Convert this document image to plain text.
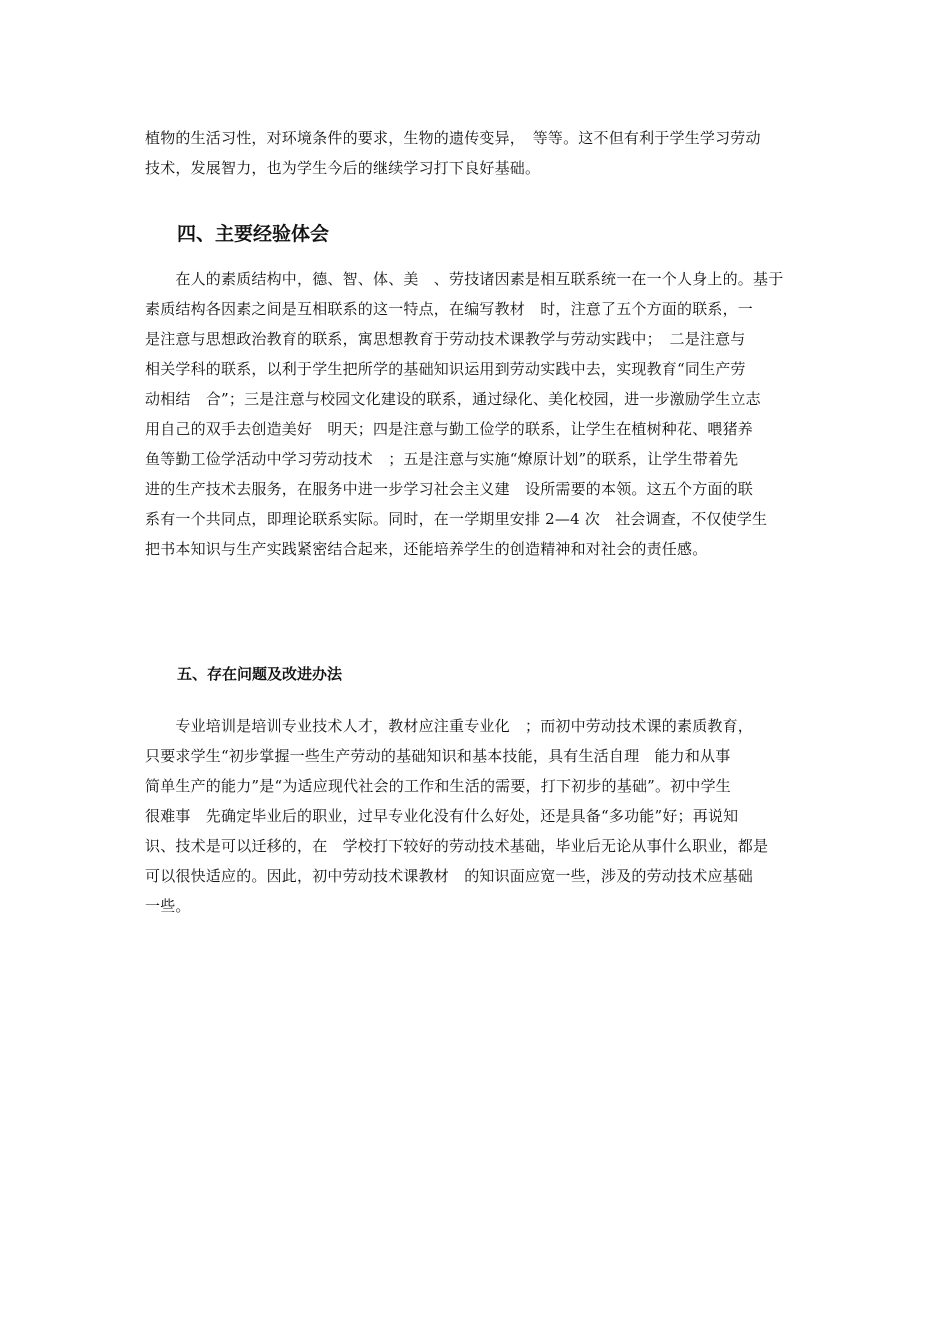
植物的生活习性，对环境条件的要求，生物的遗传变异，　等等。这不但有利于学生学习劳动
技术，发展智力，也为学生今后的继续学习打下良好基础。
四、主要经验体会
　　在人的素质结构中，德、智、体、美　、劳技诸因素是相互联系统一在一个人身上的。基于
素质结构各因素之间是互相联系的这一特点，在编写教材　时，注意了五个方面的联系，一
是注意与思想政治教育的联系，寓思想教育于劳动技术课教学与劳动实践中；　二是注意与
相关学科的联系，以利于学生把所学的基础知识运用到劳动实践中去，实现教育“同生产劳
动相结　合”；三是注意与校园文化建设的联系，通过绿化、美化校园，进一步激励学生立志
用自己的双手去创造美好　明天；四是注意与勤工俭学的联系，让学生在植树种花、喂猪养
鱼等勤工俭学活动中学习劳动技术　；五是注意与实施“燎原计划”的联系，让学生带着先
进的生产技术去服务，在服务中进一步学习社会主义建　设所需要的本领。这五个方面的联
系有一个共同点，即理论联系实际。同时，在一学期里安排 2—4 次　社会调查，不仅使学生
把书本知识与生产实践紧密结合起来，还能培养学生的创造精神和对社会的责任感。
五、存在问题及改进办法
　　专业培训是培训专业技术人才，教材应注重专业化　；而初中劳动技术课的素质教育，
只要求学生“初步掌握一些生产劳动的基础知识和基本技能，具有生活自理　能力和从事
简单生产的能力”是“为适应现代社会的工作和生活的需要，打下初步的基础”。初中学生
很难事　先确定毕业后的职业，过早专业化没有什么好处，还是具备“多功能”好；再说知
识、技术是可以迁移的，在　学校打下较好的劳动技术基础，毕业后无论从事什么职业，都是
可以很快适应的。因此，初中劳动技术课教材　的知识面应宽一些，涉及的劳动技术应基础
一些。
